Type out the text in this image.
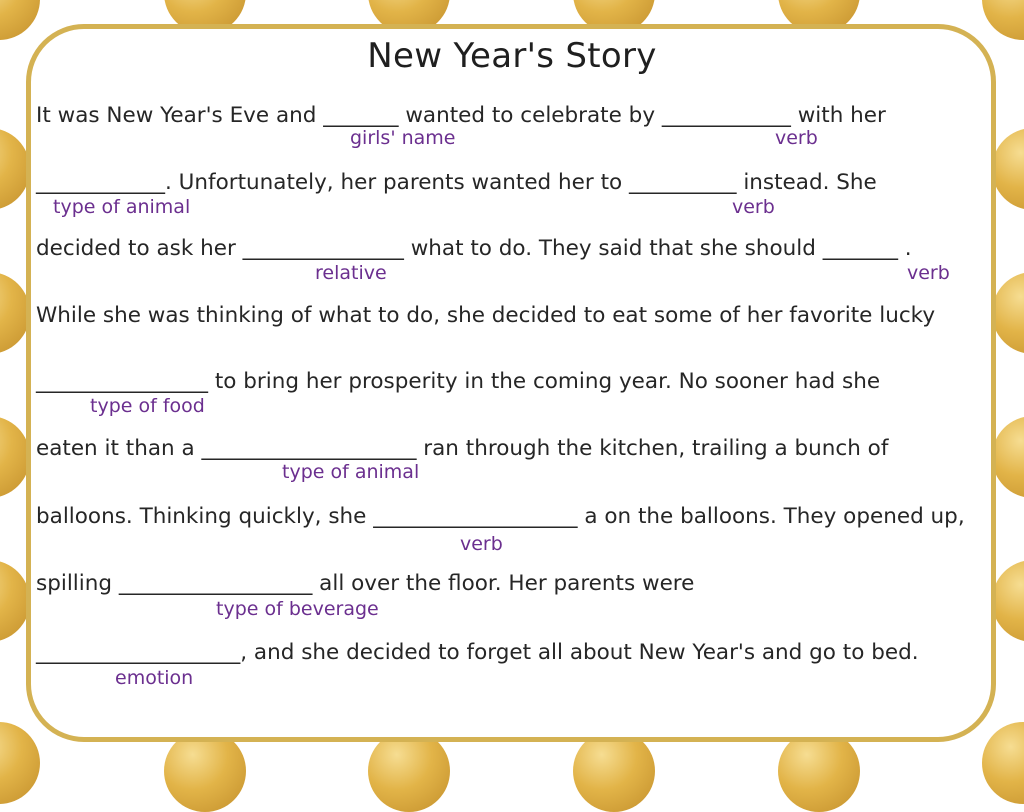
New Year's Story
It was New Year's Eve and _______ wanted to celebrate by ____________ with her
____________. Unfortunately, her parents wanted her to __________ instead. She
decided to ask her _______________ what to do. They said that she should _______ .
While she was thinking of what to do, she decided to eat some of her favorite lucky
________________ to bring her prosperity in the coming year. No sooner had she
eaten it than a ____________________ ran through the kitchen, trailing a bunch of
balloons. Thinking quickly, she ___________________ a on the balloons. They opened up,
spilling __________________ all over the floor. Her parents were
___________________, and she decided to forget all about New Year's and go to bed.
girls' name	verb
type of animal	verb
relative	verb
type of food
type of animal
verb
type of beverage
emotion
